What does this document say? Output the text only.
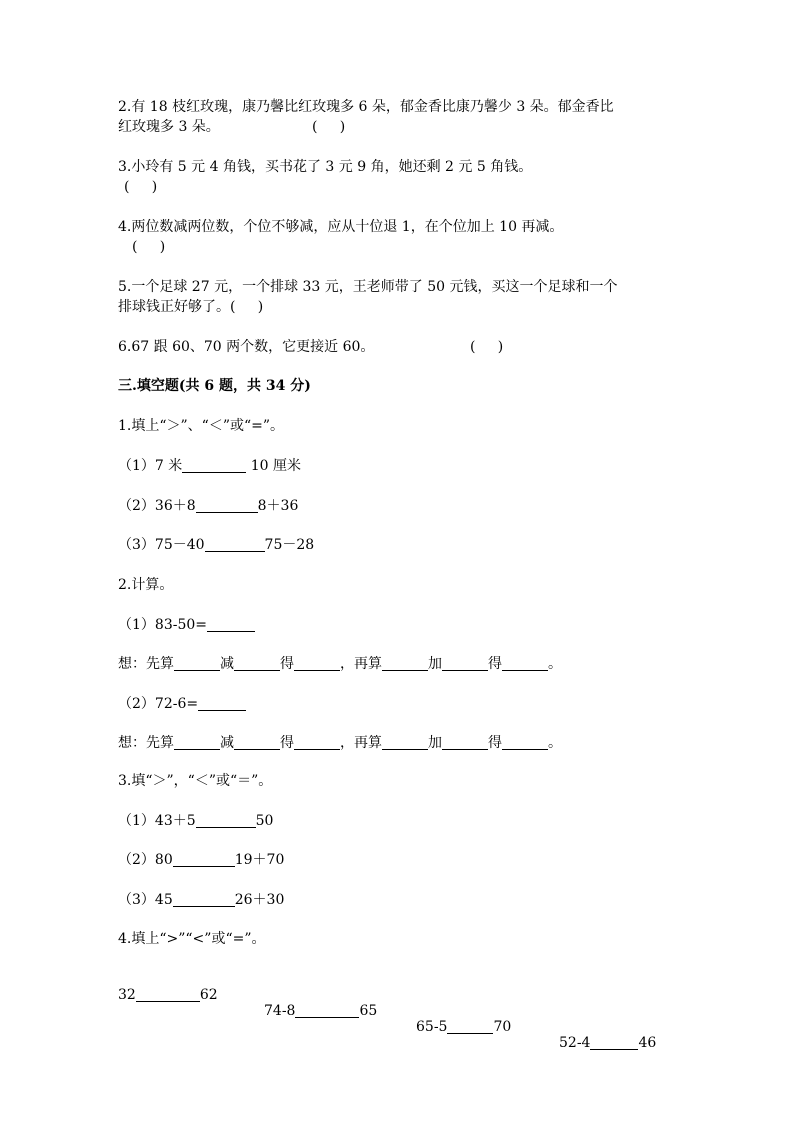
2.有 18 枝红玫瑰，康乃馨比红玫瑰多 6 朵，郁金香比康乃馨少 3 朵。郁金香比
红玫瑰多 3 朵。	(     )
3.小玲有 5 元 4 角钱，买书花了 3 元 9 角，她还剩 2 元 5 角钱。
(     )
4.两位数减两位数，个位不够减，应从十位退 1，在个位加上 10 再减。
(     )
5.一个足球 27 元，一个排球 33 元，王老师带了 50 元钱，买这一个足球和一个
排球钱正好够了。(     )
6.67 跟 60、70 两个数，它更接近 60。	(     )
三.填空题(共 6 题，共 34 分)
1.填上“＞”、“＜”或“=”。
（1）7 米	10 厘米
（2）36＋8	8＋36
（3）75－40	75－28
2.计算。
（1）83-50=
想：先算	减	得	，再算	加	得	。
（2）72-6=
想：先算	减	得	，再算	加	得	。
3.填“＞”，“＜”或“＝”。
（1）43＋5	50
（2）80	19＋70
（3）45	26＋30
4.填上“>”“<”或“=”。

32	62

74-8	65

65-5	70

52-4	46
